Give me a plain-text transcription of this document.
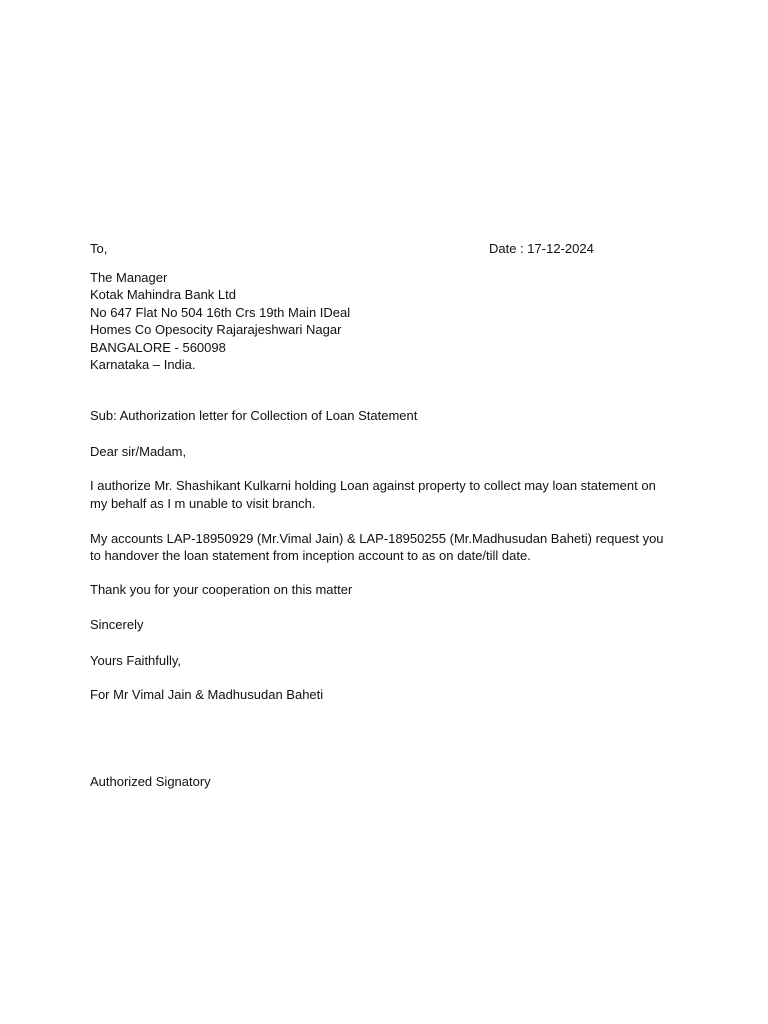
To,	Date : 17-12-2024
The Manager
Kotak Mahindra Bank Ltd
No 647 Flat No 504 16th Crs 19th Main IDeal
Homes Co Opesocity Rajarajeshwari Nagar
BANGALORE - 560098
Karnataka – India.
Sub: Authorization letter for Collection of Loan Statement
Dear sir/Madam,
I authorize Mr. Shashikant Kulkarni holding Loan against property to collect may loan statement on my behalf as I m unable to visit branch.
My accounts LAP-18950929 (Mr.Vimal Jain) & LAP-18950255 (Mr.Madhusudan Baheti) request you to handover the loan statement from inception account to as on date/till date.
Thank you for your cooperation on this matter
Sincerely
Yours Faithfully,
For Mr Vimal Jain & Madhusudan Baheti
Authorized Signatory
